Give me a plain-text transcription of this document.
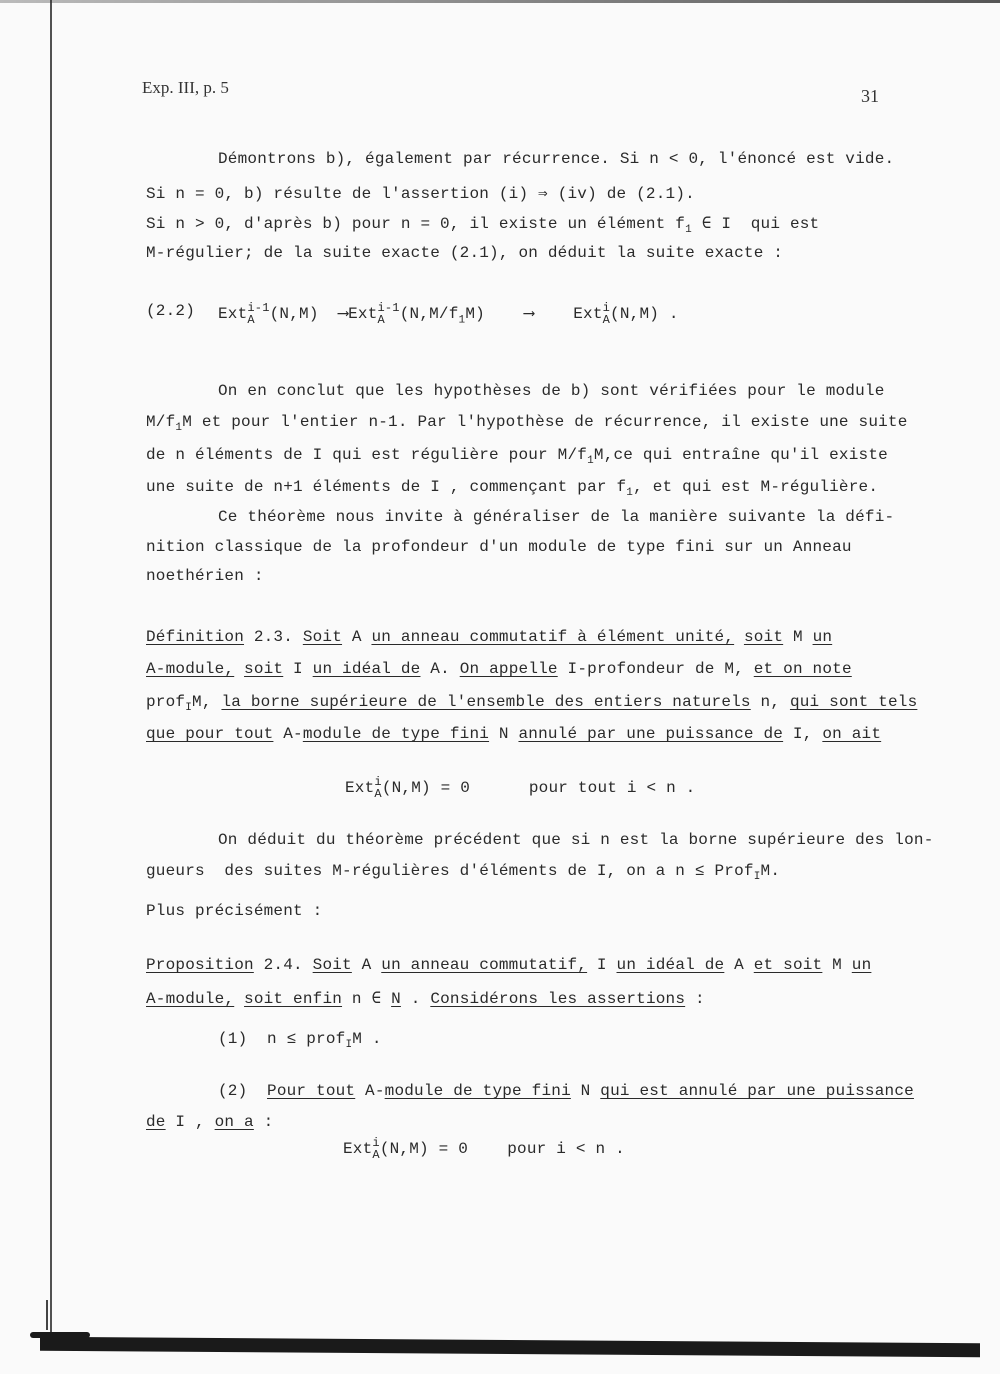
Exp. III, p. 5	31
Démontrons b), également par récurrence. Si n < 0, l'énoncé est vide.
Si n = 0, b) résulte de l'assertion (i) ⇒ (iv) de (2.1).
Si n > 0, d'après b) pour n = 0, il existe un élément $f_1$ ∈ I  qui est
M-régulier; de la suite exacte (2.1), on déduit la suite exacte :
(2.2) Ext i-1
A (N,M) ⟶Ext i-1
A $(N,M/f_1M)$ ⟶ Ext i
A (N,M) .
On en conclut que les hypothèses de b) sont vérifiées pour le module
$M/f_1M$ et pour l'entier n-1. Par l'hypothèse de récurrence, il existe une suite
de n éléments de I qui est régulière pour $M/f_1M,ce$ qui entraîne qu'il existe
une suite de n+1 éléments de I , commençant par $f_1$, et qui est M-régulière.
Ce théorème nous invite à généraliser de la manière suivante la défi-
nition classique de la profondeur d'un module de type fini sur un Anneau
noethérien :
Définition 2.3. Soit A un anneau commutatif à élément unité, soit M un
A-module, soit I un idéal de A. On appelle I-profondeur de M, et on note
prof$_I$M, la borne supérieure de l'ensemble des entiers naturels n, qui sont tels
que pour tout A-module de type fini N annulé par une puissance de I, on ait
Ext i
A (N,M) = 0	pour tout i < n .
On déduit du théorème précédent que si n est la borne supérieure des lon-
gueurs  des suites M-régulières d'éléments de I, on a n ≤ Prof$_I$M.
Plus précisément :
Proposition 2.4. Soit A un anneau commutatif, I un idéal de A et soit M un
A-module, soit enfin n ∈ N . Considérons les assertions :
(1) n ≤ prof$_I$M .
(2) Pour tout A-module de type fini N qui est annulé par une puissance
de I , on a :
Ext i
A (N,M) = 0 pour i < n .
